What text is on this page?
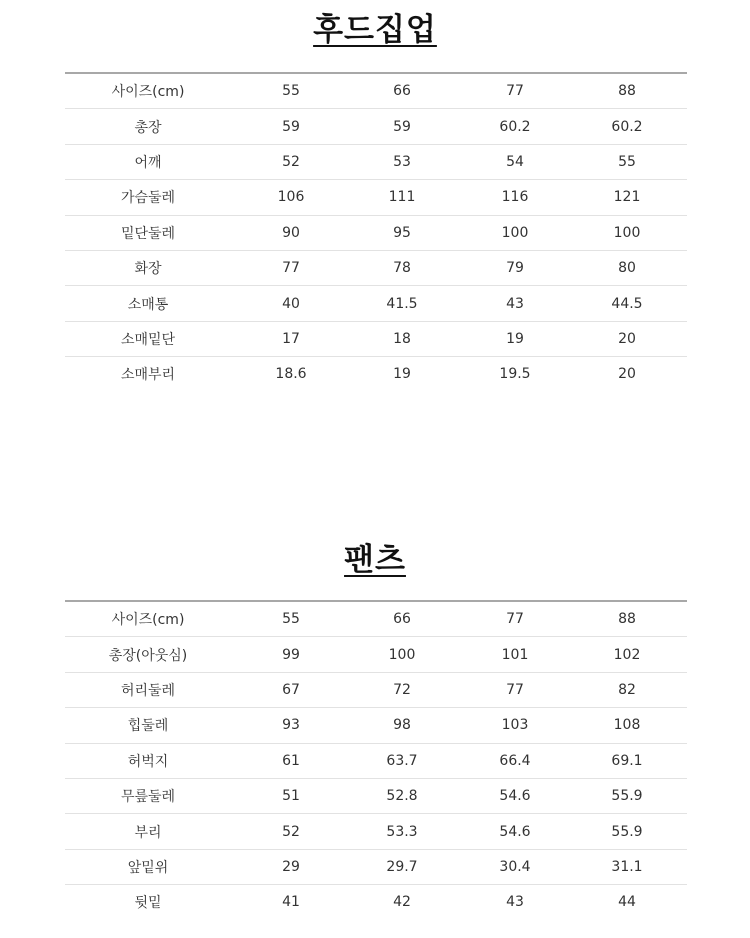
후드집업
사이즈(cm)	55	66	77	88
총장	59	59	60.2	60.2
어깨	52	53	54	55
가슴둘레	106	111	116	121
밑단둘레	90	95	100	100
화장	77	78	79	80
소매통	40	41.5	43	44.5
소매밑단	17	18	19	20
소매부리	18.6	19	19.5	20
팬츠
사이즈(cm)	55	66	77	88
총장(아웃심)	99	100	101	102
허리둘레	67	72	77	82
힙둘레	93	98	103	108
허벅지	61	63.7	66.4	69.1
무릎둘레	51	52.8	54.6	55.9
부리	52	53.3	54.6	55.9
앞밑위	29	29.7	30.4	31.1
뒷밑	41	42	43	44
